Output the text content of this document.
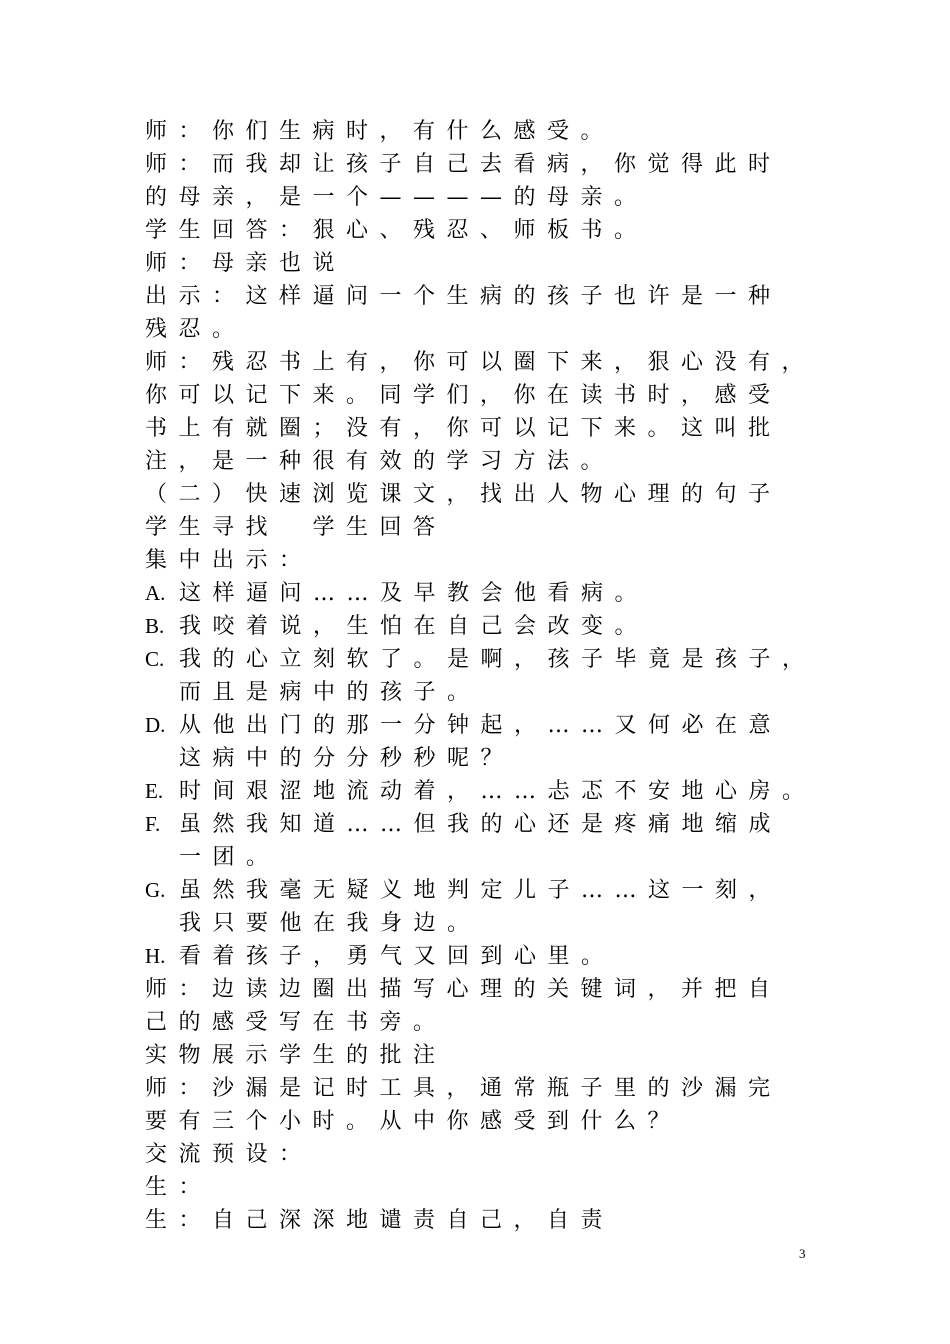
师：你们生病时，有什么感受。
师：而我却让孩子自己去看病，你觉得此时
的母亲，是一个————的母亲。
学生回答：狠心、残忍、师板书。
师：母亲也说
出示：这样逼问一个生病的孩子也许是一种
残忍。
师：残忍书上有，你可以圈下来，狠心没有，
你可以记下来。同学们，你在读书时，感受
书上有就圈；没有，你可以记下来。这叫批
注，是一种很有效的学习方法。
（二）快速浏览课文，找出人物心理的句子
学生寻找　学生回答
集中出示：
A. 这样逼问……及早教会他看病。
B. 我咬着说，生怕在自己会改变。
C. 我的心立刻软了。是啊，孩子毕竟是孩子，
而且是病中的孩子。
D. 从他出门的那一分钟起，……又何必在意
这病中的分分秒秒呢？
E. 时间艰涩地流动着，……忐忑不安地心房。
F. 虽然我知道……但我的心还是疼痛地缩成
一团。
G. 虽然我毫无疑义地判定儿子……这一刻，
我只要他在我身边。
H. 看着孩子，勇气又回到心里。
师：边读边圈出描写心理的关键词，并把自
己的感受写在书旁。
实物展示学生的批注
师：沙漏是记时工具，通常瓶子里的沙漏完
要有三个小时。从中你感受到什么？
交流预设：
生：
生：自己深深地谴责自己，自责
3
